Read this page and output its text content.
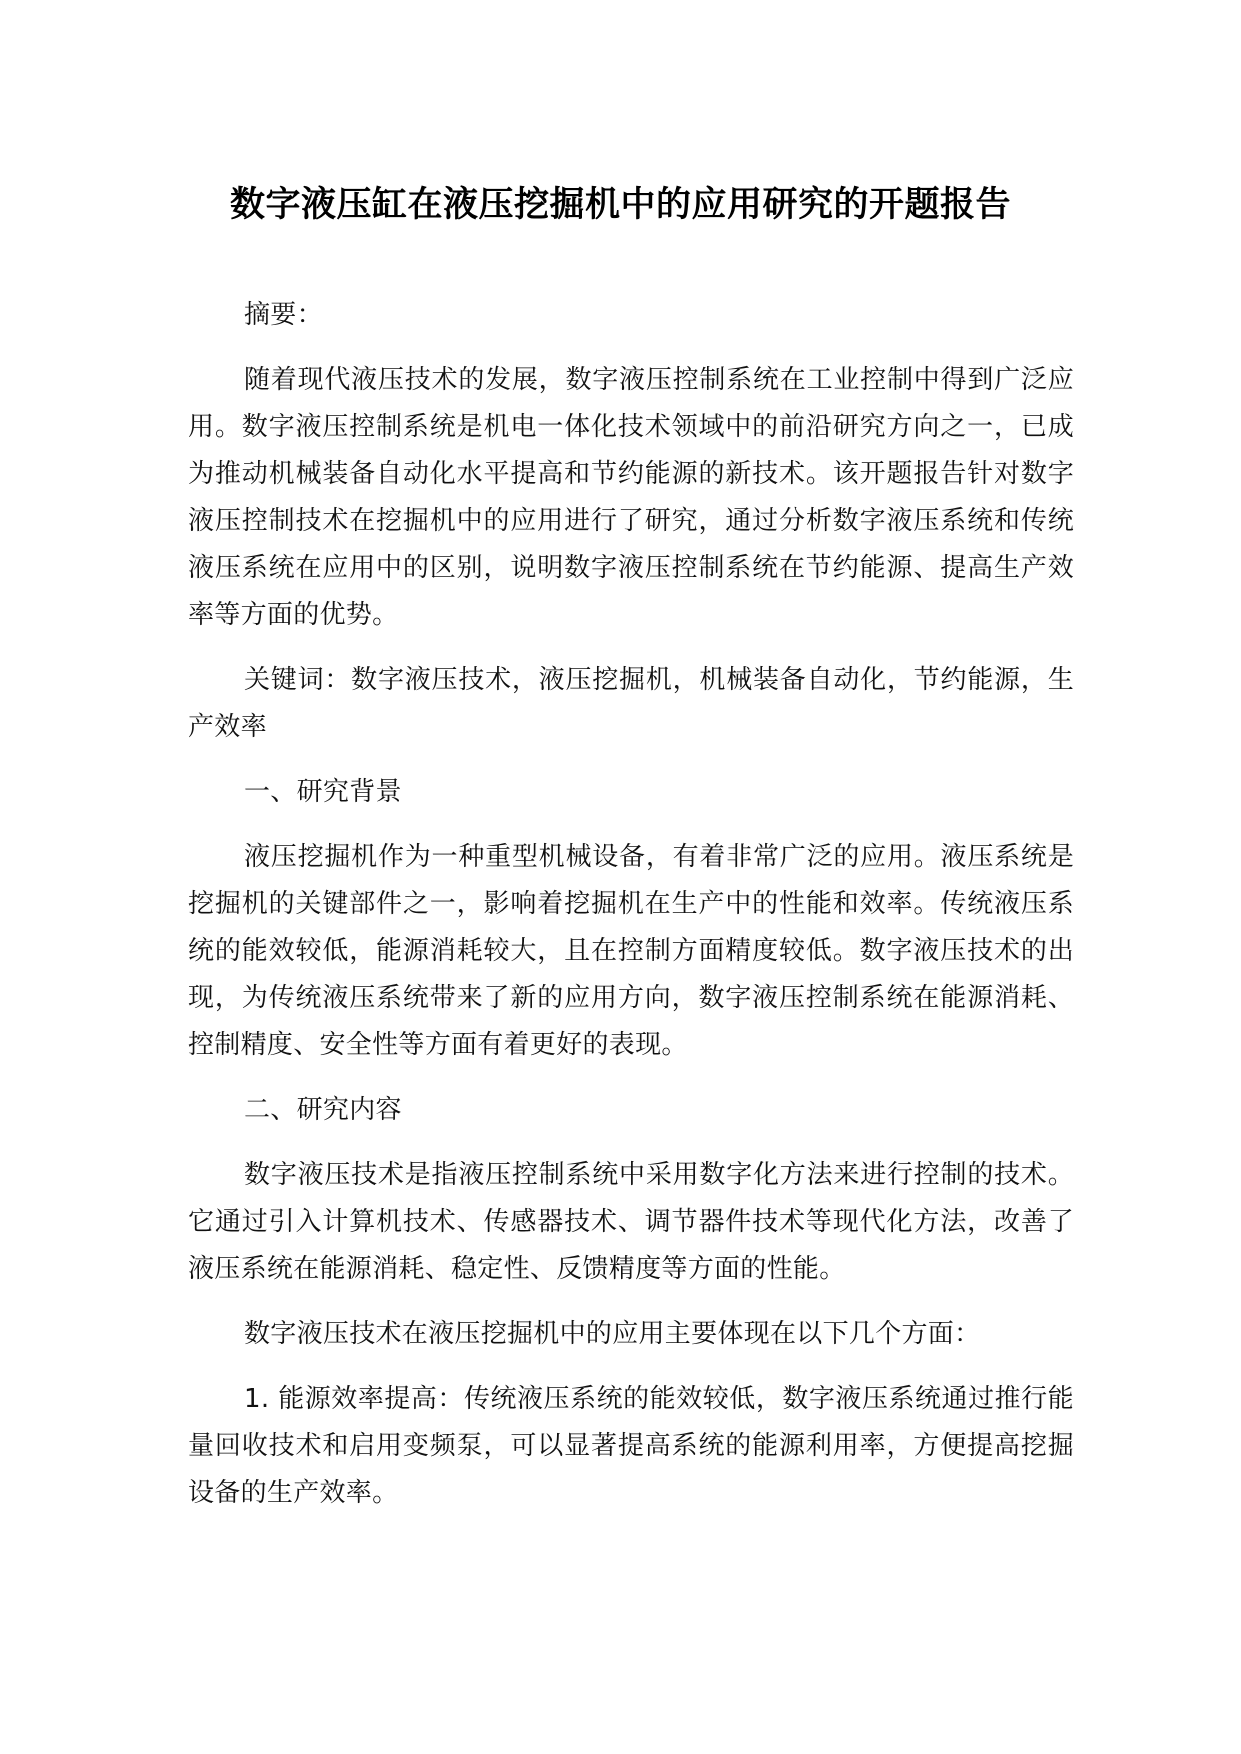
数字液压缸在液压挖掘机中的应用研究的开题报告

摘要：

随着现代液压技术的发展，数字液压控制系统在工业控制中得到广泛应用。数字液压控制系统是机电一体化技术领域中的前沿研究方向之一，已成为推动机械装备自动化水平提高和节约能源的新技术。该开题报告针对数字液压控制技术在挖掘机中的应用进行了研究，通过分析数字液压系统和传统液压系统在应用中的区别，说明数字液压控制系统在节约能源、提高生产效率等方面的优势。

关键词：数字液压技术，液压挖掘机，机械装备自动化，节约能源，生产效率

一、研究背景

液压挖掘机作为一种重型机械设备，有着非常广泛的应用。液压系统是挖掘机的关键部件之一，影响着挖掘机在生产中的性能和效率。传统液压系统的能效较低，能源消耗较大，且在控制方面精度较低。数字液压技术的出现，为传统液压系统带来了新的应用方向，数字液压控制系统在能源消耗、控制精度、安全性等方面有着更好的表现。

二、研究内容

数字液压技术是指液压控制系统中采用数字化方法来进行控制的技术。它通过引入计算机技术、传感器技术、调节器件技术等现代化方法，改善了液压系统在能源消耗、稳定性、反馈精度等方面的性能。

数字液压技术在液压挖掘机中的应用主要体现在以下几个方面：

1. 能源效率提高：传统液压系统的能效较低，数字液压系统通过推行能量回收技术和启用变频泵，可以显著提高系统的能源利用率，方便提高挖掘设备的生产效率。
